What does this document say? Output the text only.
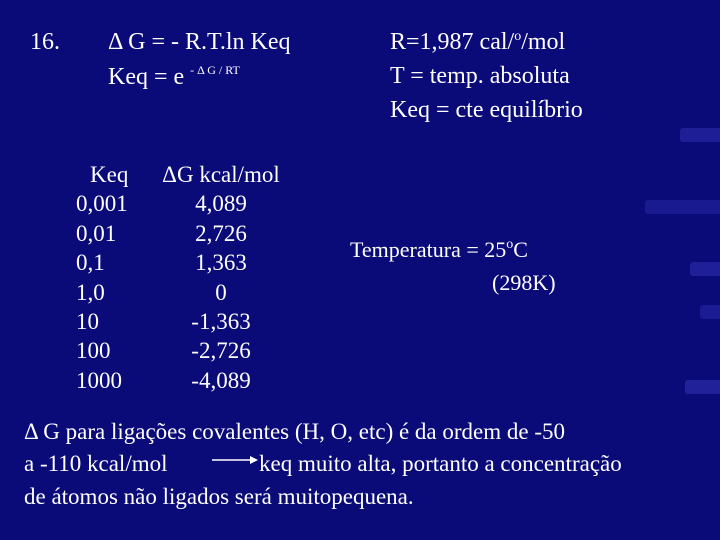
16. Δ G = - R.T.ln Keq
Keq = e $^{- \Delta G / RT}$
R=1,987 cal/$^o$/mol
T = temp. absoluta
Keq = cte equilíbrio
Keq
0,001
0,01
0,1
1,0
10
100
1000
ΔG kcal/mol
4,089
2,726
1,363
0
-1,363
-2,726
-4,089
Temperatura = $25^oC$
(298K)
Δ G para ligações covalentes (H, O, etc) é da ordem de -50
a -110 kcal/mol	keq muito alta, portanto a concentração
de átomos não ligados será muitopequena.
